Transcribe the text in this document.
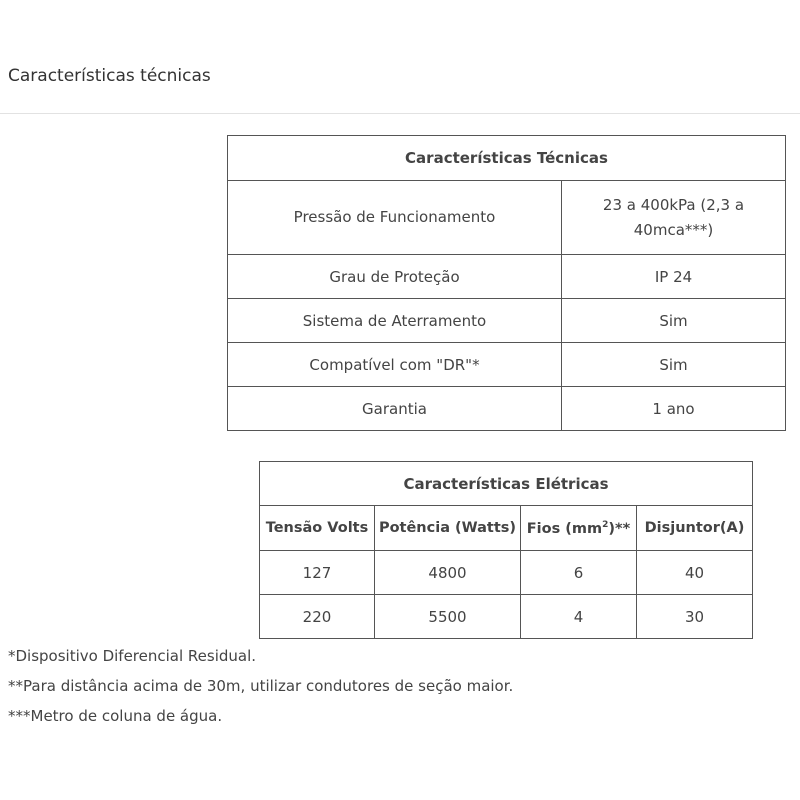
Características técnicas
Características Técnicas	
Pressão de Funcionamento	23 a 400kPa (2,3 a
40mca***)
Grau de Proteção	IP 24
Sistema de Aterramento	Sim
Compatível com "DR"*	Sim
Garantia	1 ano
Características Elétricas			
Tensão Volts	Potência (Watts)	Fios $(mm^2)**$	Disjuntor(A)
127	4800	6	40
220	5500	4	30

*Dispositivo Diferencial Residual.

**Para distância acima de 30m, utilizar condutores de seção maior.

***Metro de coluna de água.
